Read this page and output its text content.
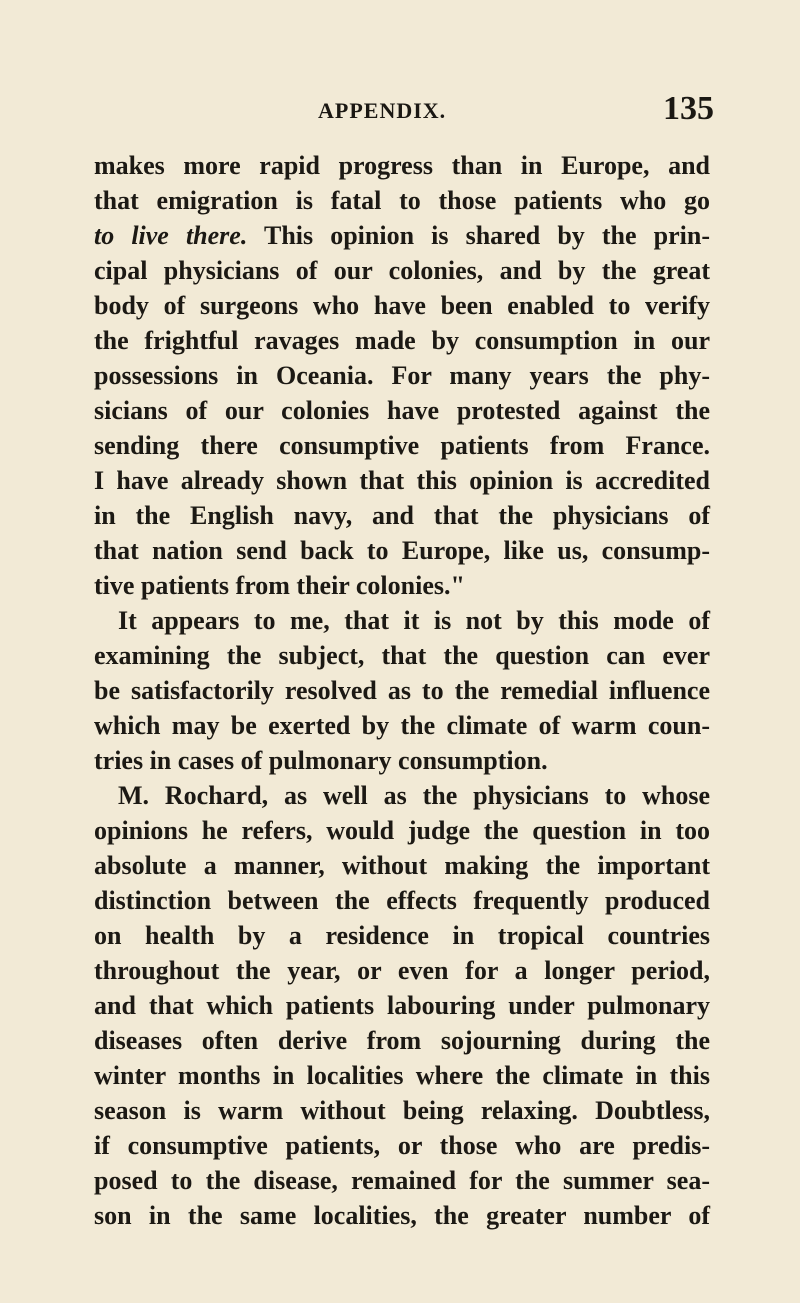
APPENDIX.	135
makes more rapid progress than in Europe, and
that emigration is fatal to those patients who go
to live there. This opinion is shared by the prin-
cipal physicians of our colonies, and by the great
body of surgeons who have been enabled to verify
the frightful ravages made by consumption in our
possessions in Oceania. For many years the phy-
sicians of our colonies have protested against the
sending there consumptive patients from France.
I have already shown that this opinion is accredited
in the English navy, and that the physicians of
that nation send back to Europe, like us, consump-
tive patients from their colonies."
It appears to me, that it is not by this mode of
examining the subject, that the question can ever
be satisfactorily resolved as to the remedial influence
which may be exerted by the climate of warm coun-
tries in cases of pulmonary consumption.
M. Rochard, as well as the physicians to whose
opinions he refers, would judge the question in too
absolute a manner, without making the important
distinction between the effects frequently produced
on health by a residence in tropical countries
throughout the year, or even for a longer period,
and that which patients labouring under pulmonary
diseases often derive from sojourning during the
winter months in localities where the climate in this
season is warm without being relaxing. Doubtless,
if consumptive patients, or those who are predis-
posed to the disease, remained for the summer sea-
son in the same localities, the greater number of
